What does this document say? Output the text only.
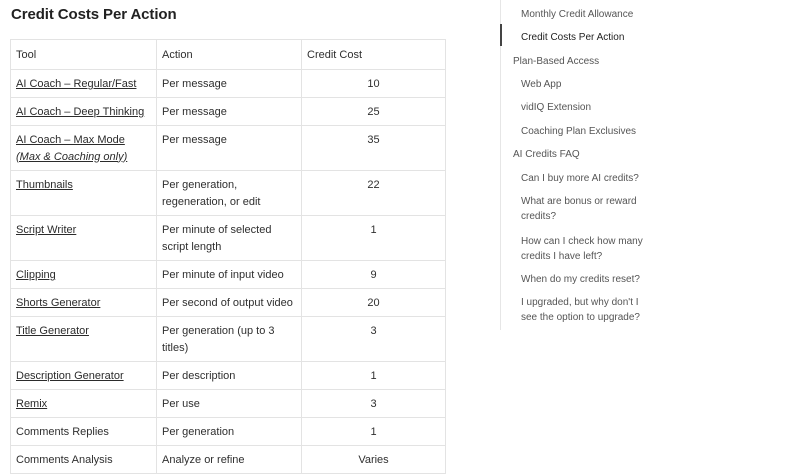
Credit Costs Per Action
Tool	Action	Credit Cost
AI Coach – Regular/Fast	Per message	10
AI Coach – Deep Thinking	Per message	25
AI Coach – Max Mode
(Max & Coaching only)	Per message	35
Thumbnails	Per generation, regeneration, or edit	22
Script Writer	Per minute of selected script length	1
Clipping	Per minute of input video	9
Shorts Generator	Per second of output video	20
Title Generator	Per generation (up to 3 titles)	3
Description Generator	Per description	1
Remix	Per use	3
Comments Replies	Per generation	1
Comments Analysis	Analyze or refine	Varies
Monthly Credit Allowance
Credit Costs Per Action
Plan-Based Access
Web App
vidIQ Extension
Coaching Plan Exclusives
AI Credits FAQ
Can I buy more AI credits?
What are bonus or reward credits?
How can I check how many credits I have left?
When do my credits reset?
I upgraded, but why don't I see the option to upgrade?
